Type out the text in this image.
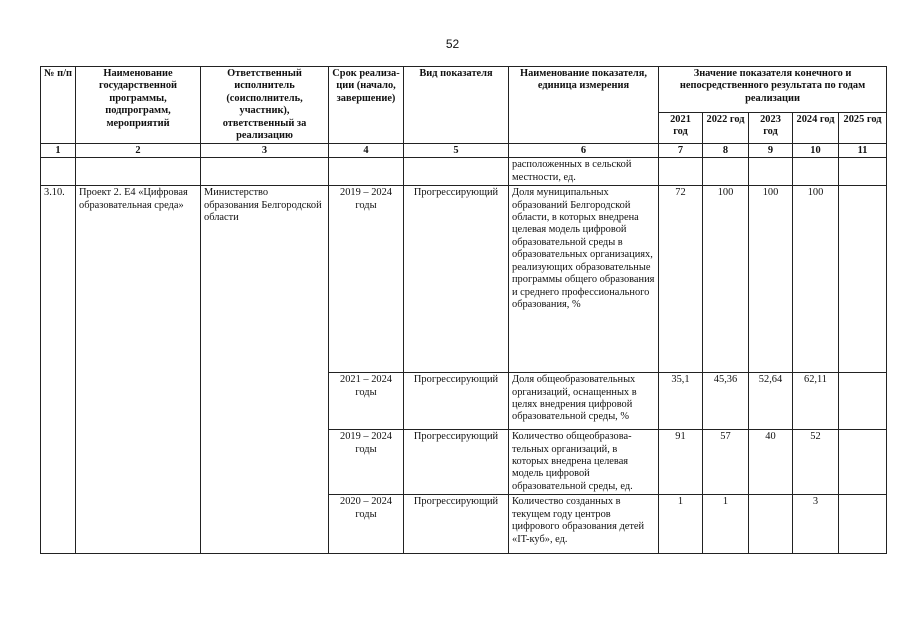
52
№ п/п	Наименование государственной программы, подпрограмм, мероприятий	Ответственный исполнитель (соисполнитель, участник), ответственный за реализацию	Срок реализа-ции (начало, завершение)	Вид показателя	Наименование показателя, единица измерения	Значение показателя конечного и непосредственного результата по годам реализации				
						2021 год	2022 год	2023 год	2024 год	2025 год
1	2	3	4	5	6	7	8	9	10	11
					расположенных в сельской местности, ед.					
3.10.	Проект 2. Е4 «Цифровая образовательная среда»	Министерство образования Белгородской области	2019 – 2024 годы	Прогрессирующий	Доля муниципальных образований Белгородской области, в которых внедрена целевая модель цифровой образовательной среды в образовательных организациях, реализующих образовательные программы общего образования и среднего профессионального образования, %	72	100	100	100	
			2021 – 2024 годы	Прогрессирующий	Доля общеобразовательных организаций, оснащенных в целях внедрения цифровой образовательной среды, %	35,1	45,36	52,64	62,11	
			2019 – 2024 годы	Прогрессирующий	Количество общеобразова-тельных организаций, в которых внедрена целевая модель цифровой образовательной среды, ед.	91	57	40	52	
			2020 – 2024 годы	Прогрессирующий	Количество созданных в текущем году центров цифрового образования детей «IT-куб», ед.	1	1		3	
